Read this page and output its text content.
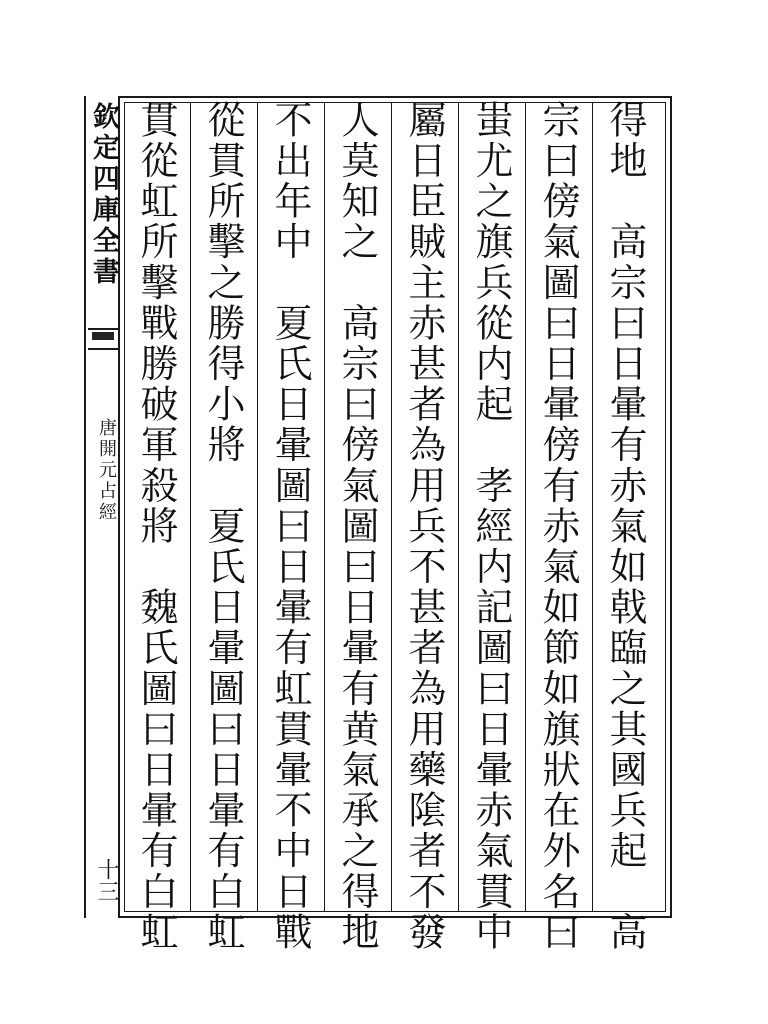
欽定四庫全書
唐開元占經
十三	得地　高宗曰日暈有赤氣如戟臨之其國兵起　高
宗曰傍氣圖曰日暈傍有赤氣如節如旗狀在外名曰
蚩尤之旗兵從内起　孝經内記圖曰日暈赤氣貫中
屬日臣賊主赤甚者為用兵不甚者為用藥隂者不發
人莫知之　高宗曰傍氣圖曰日暈有黄氣承之得地
不出年中　夏氏日暈圖曰日暈有虹貫暈不中日戰
從貫所擊之勝得小將　夏氏日暈圖曰日暈有白虹
貫從虹所擊戰勝破軍殺將　魏氏圖曰日暈有白虹
